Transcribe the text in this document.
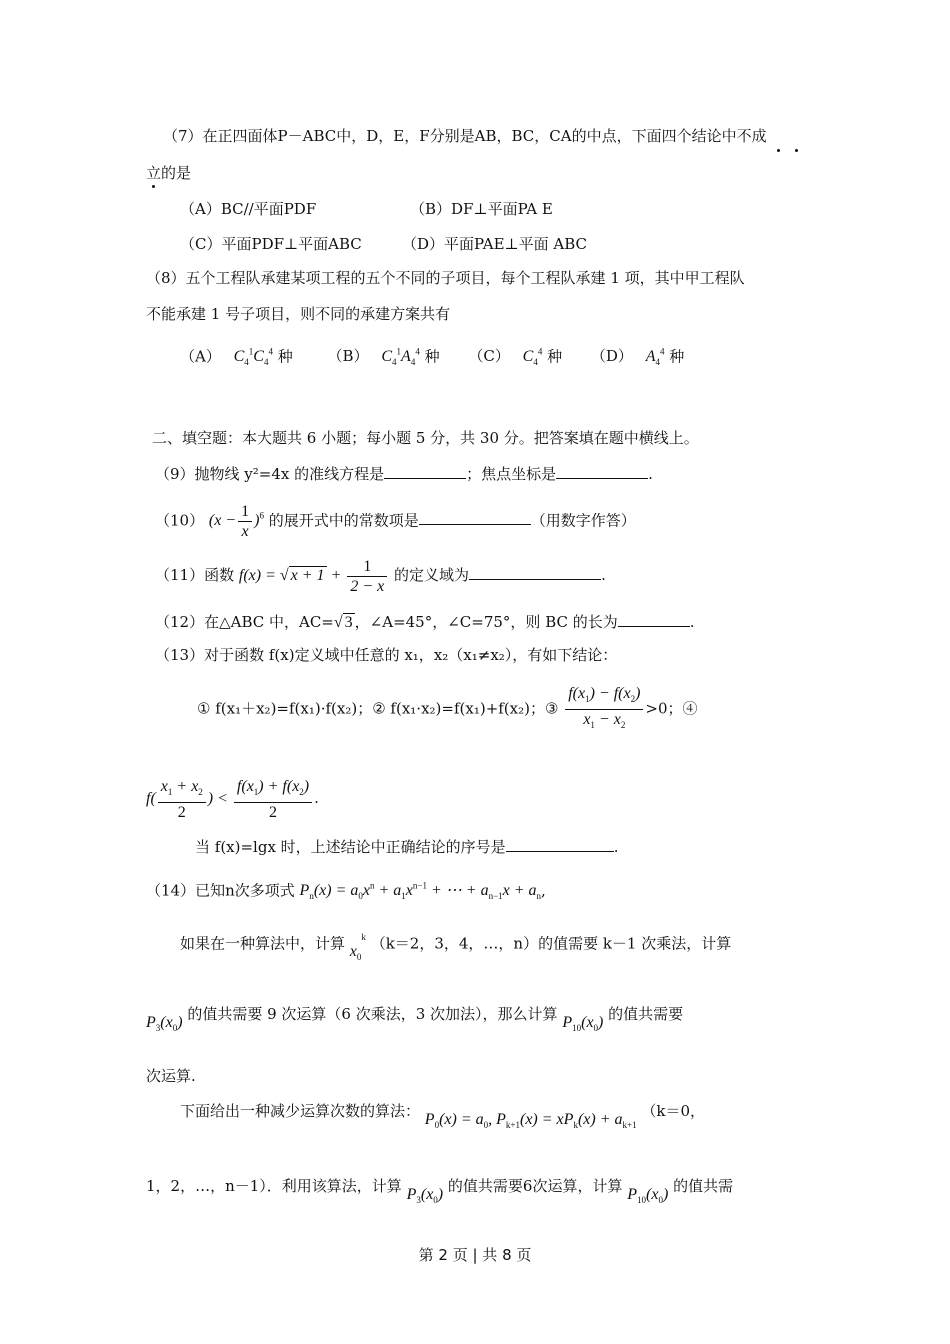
（7）在正四面体P－ABC中，D，E，F分别是AB，BC，CA的中点，下面四个结论中不成
立的是
（A）BC//平面PDF	（B）DF⊥平面PA E
（C）平面PDF⊥平面ABC	（D）平面PAE⊥平面 ABC
（8）五个工程队承建某项工程的五个不同的子项目，每个工程队承建 1 项，其中甲工程队
不能承建 1 号子项目，则不同的承建方案共有
（A） $C_4^1C_4^4$ 种 （B） $C_4^1A_4^4$ 种 （C） $C_4^4$ 种 （D） $A_4^4$ 种
二、填空题：本大题共 6 小题；每小题 5 分，共 30 分。把答案填在题中横线上。
（9）抛物线 y²=4x 的准线方程是	；焦点坐标是	.
（10） $(x - \frac{1}{x} )^6$ 的展开式中的常数项是	（用数字作答）
（11）函数 f(x) = √ $x + 1 + \frac{1}{2 - x}$ 的定义域为	.
（12）在△ABC 中，AC=√ 3 ，∠A=45°，∠C=75°，则 BC 的长为	.
（13）对于函数 f(x)定义域中任意的 x₁，x₂（x₁≠x₂），有如下结论：
① f(x₁＋x₂)=f(x₁)·f(x₂)；② f(x₁·x₂)=f(x₁)+f(x₂)；③ $\frac{f(x_1) - f(x_2)}{x_1 - x_2} >0$；④
$f( \frac{x_1 + x_2}{2}$ ) < $\frac{f(x_1) + f(x_2)}{2}$ .
当 f(x)=lgx 时，上述结论中正确结论的序号是	.
（14）已知n次多项式 $P_n(x) = a_0x^n + a_1x^{n-1}$ + ⋯ + $a_{n-1}x + a_n$,
如果在一种算法中，计算 $x_0^k$ （k＝2，3，4，…，n）的值需要 k－1 次乘法，计算
$P_3(x_0)$ 的值共需要 9 次运算（6 次乘法，3 次加法），那么计算 $P_{10}(x_0)$ 的值共需要
次运算.
下面给出一种减少运算次数的算法： $P_0(x) = a_0$, $P_{k+1}(x) = xP_k(x) + a_{k+1}$ （k＝0，
1，2，…，n－1）．利用该算法，计算 $P_3(x_0)$ 的值共需要6次运算，计算 $P_{10}(x_0)$ 的值共需
第 2 页 | 共 8 页
